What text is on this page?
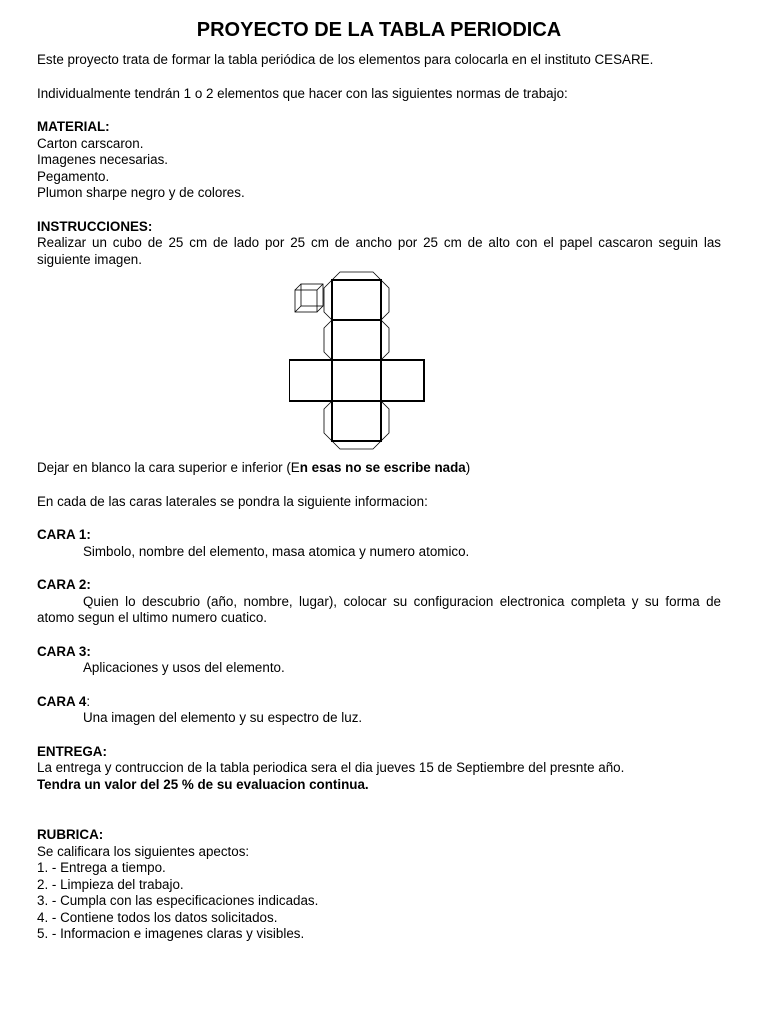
PROYECTO DE LA TABLA PERIODICA

Este proyecto trata de formar la tabla periódica de los elementos para colocarla en el instituto CESARE.

Individualmente tendrán 1 o 2 elementos que hacer con las siguientes normas de trabajo:

MATERIAL:

Carton carscaron.
Imagenes necesarias.
Pegamento.
Plumon sharpe negro y de colores.

INSTRUCCIONES:

Realizar un cubo de 25 cm de lado por 25 cm de ancho por 25 cm de alto con el papel cascaron seguin las siguiente imagen.

Dejar en blanco la cara superior e inferior (En esas no se escribe nada)

En cada de las caras laterales se pondra la siguiente informacion:

CARA 1:

Simbolo, nombre del elemento, masa atomica y numero atomico.

CARA 2:

Quien lo descubrio (año, nombre, lugar), colocar su configuracion electronica completa y su forma de atomo segun el ultimo numero cuatico.

CARA 3:

Aplicaciones y usos del elemento.

CARA 4:

Una imagen del elemento y su espectro de luz.

ENTREGA:

La entrega y contruccion de la tabla periodica sera el dia jueves 15 de Septiembre del presnte año.

Tendra un valor del 25 % de su evaluacion continua.

RUBRICA:

Se calificara los siguientes apectos:

1. - Entrega a tiempo.
2. - Limpieza del trabajo.
3. - Cumpla con las especificaciones indicadas.
4. - Contiene todos los datos solicitados.
5. - Informacion e imagenes claras y visibles.
